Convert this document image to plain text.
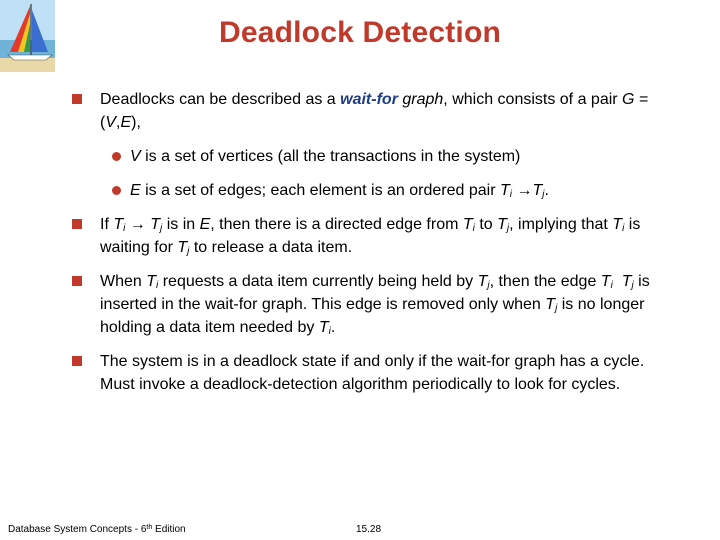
Deadlock Detection
Deadlocks can be described as a wait-for graph, which consists of a pair G = (V,E),
V is a set of vertices (all the transactions in the system)
E is a set of edges; each element is an ordered pair $T_i \to T_j$.
If $T_i \to T_j$ is in E, then there is a directed edge from $T_i$ to $T_j$, implying that $T_i$ is waiting for $T_j$ to release a data item.
When $T_i$ requests a data item currently being held by $T_j$, then the edge $T_i$ $T_j$ is inserted in the wait-for graph. This edge is removed only when $T_j$ is no longer holding a data item needed by $T_i$.
The system is in a deadlock state if and only if the wait-for graph has a cycle. Must invoke a deadlock-detection algorithm periodically to look for cycles.
Database System Concepts - 6th Edition	15.28
